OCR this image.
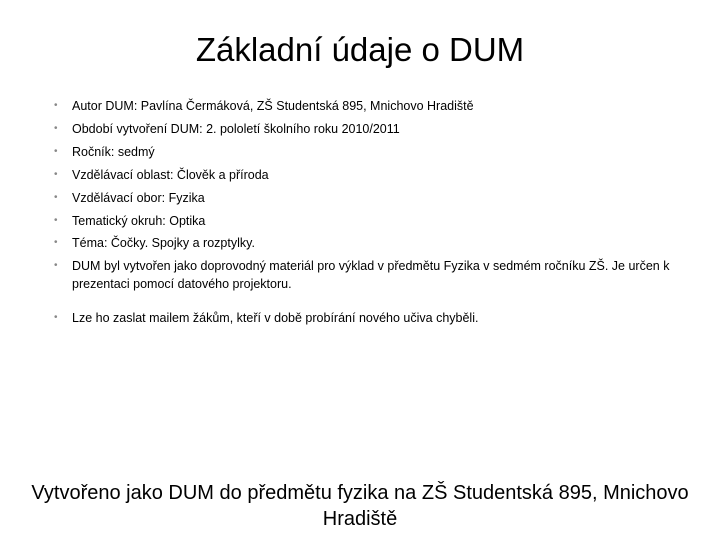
Základní údaje o DUM
•	Autor DUM: Pavlína Čermáková, ZŠ Studentská 895, Mnichovo Hradiště
•	Období vytvoření DUM: 2. pololetí školního roku 2010/2011
•	Ročník: sedmý
•	Vzdělávací oblast: Člověk a příroda
•	Vzdělávací obor: Fyzika
•	Tematický okruh: Optika
•	Téma: Čočky. Spojky a rozptylky.
•	DUM byl vytvořen jako doprovodný materiál pro výklad v předmětu Fyzika v sedmém ročníku ZŠ. Je určen k prezentaci pomocí datového projektoru.
•	Lze ho zaslat mailem žákům, kteří v době probírání nového učiva chyběli.
Vytvořeno jako DUM do předmětu fyzika na ZŠ Studentská 895, Mnichovo Hradiště
